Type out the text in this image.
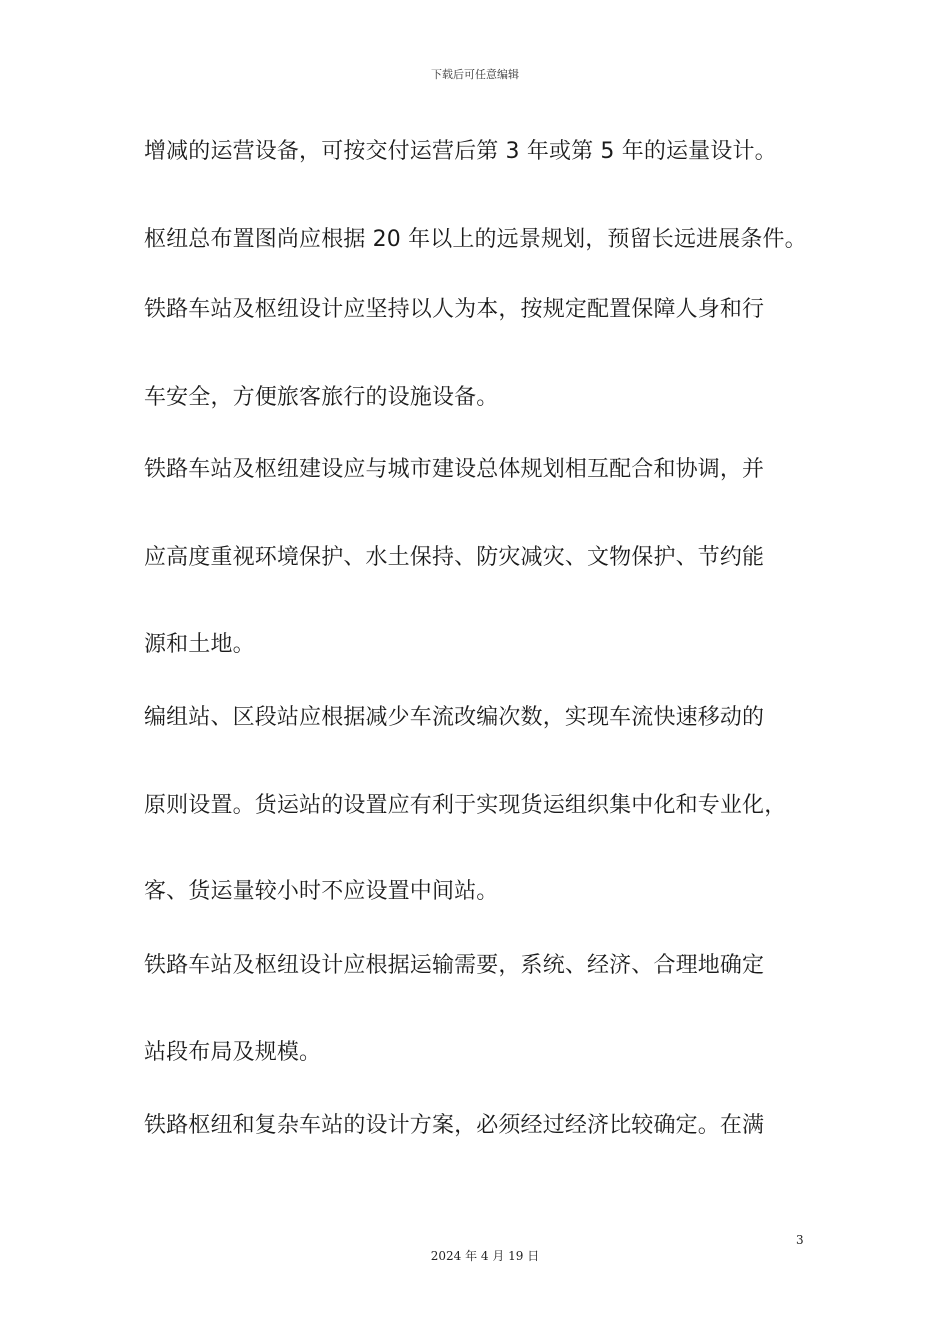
下载后可任意编辑
增减的运营设备，可按交付运营后第 3 年或第 5 年的运量设计。
枢纽总布置图尚应根据 20 年以上的远景规划，预留长远进展条件。
铁路车站及枢纽设计应坚持以人为本，按规定配置保障人身和行
车安全，方便旅客旅行的设施设备。
铁路车站及枢纽建设应与城市建设总体规划相互配合和协调，并
应高度重视环境保护、水土保持、防灾减灾、文物保护、节约能
源和土地。
编组站、区段站应根据减少车流改编次数，实现车流快速移动的
原则设置。货运站的设置应有利于实现货运组织集中化和专业化，
客、货运量较小时不应设置中间站。
铁路车站及枢纽设计应根据运输需要，系统、经济、合理地确定
站段布局及规模。
铁路枢纽和复杂车站的设计方案，必须经过经济比较确定。在满
3
2024 年 4 月 19 日
